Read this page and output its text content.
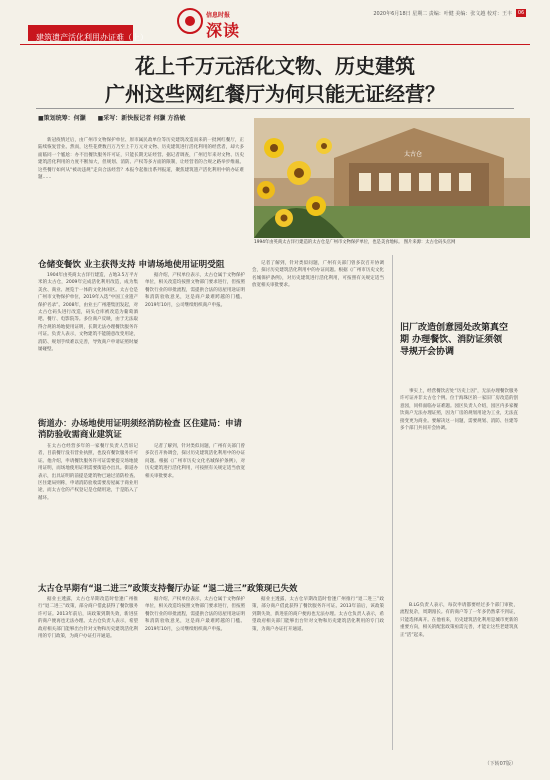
建筑遗产活化利用办证难（上）
信息时报
深读
2020年6月18日 星期二 责编：叶健 美编：张文越 校对：王丰	06
花上千万元活化文物、历史建筑
广州这些网红餐厅为何只能无证经营？
■策划统筹：何灏 ■采写：新快报记者 何灏 方浩敏
新冠疫情过后，由广州市文物保护单位、原市属民政单位等历史建筑改造而来的一批网红餐厅，正陆续恢复营业。然而，这些花费数百万乃至上千万元对文物、历史建筑进行活化利用的经营者，却大多面临同一个尴尬：办不出餐饮服务许可证，只能长期无证经营。据记者调查，广州近年来对文物、历史建筑活化利用的力度不断加大，但规划、消防、产权等多方面的限制，让经营者的合规之路举步维艰。这些餐厅如何从“被动违规”走向合法经营？本报今起推出系列报道，聚焦建筑遗产活化利用中的办证难题……
太古仓
1994年由英商太古洋行建造的太古仓是广州市文物保护单位，也是美食地标。 图片来源：太古仓码头官网
仓储变餐饮 业主获得支持 申请场地使用证明受阻
1904年由英商太古洋行建造，占地3.5万平方米的太古仓，2009年完成活化利用改造，成为集美食、商业、展览于一体的文化休闲区。太古仓是广州市文物保护单位，2019年入选“中国工业遗产保护名录”。2008年，由业主广州港集团发起，对太古仓码头进行改造，码头仓库被改造为葡萄酒吧、餐厅、电影院等。多位商户反映，由于无法取得合规的场地使用证明，长期无法办理餐饮服务许可证。负责人表示，文物建筑不能随意改变用途，消防、规划手续难以完善，导致商户申请证照时屡屡碰壁。
据介绍，产权单位表示，太古仓属于文物保护单位，相关改造均按照文物部门要求进行，但按照餐饮行业的审批流程，需提供合法的房屋用途证明和消防验收意见，这是商户最难跨越的门槛。2019年10月，公司继续组织商户申报。
记者了解到，针对类似问题，广州有关部门曾多次召开协调会，探讨历史建筑活化利用中的办证问题。根据《广州市历史文化名城保护条例》，对历史建筑进行活化利用，可按照有关规定适当放宽相关审批要求。
街道办：办场地使用证明须经消防检查 区住建局：申请消防验收需商业建筑证
在太古仓经营多年的一家餐厅负责人告诉记者，目前餐厅没有营业执照，也没有餐饮服务许可证。他介绍，申请餐饮服务许可证需要提交场地使用证明，而场地使用证明需要街道办出具。街道办表示，出具证明的前提是建筑物已通过消防检查。区住建局则称，申请消防验收需要房屋属于商业用途，而太古仓的产权登记是仓储用途，于是陷入了循环。
记者了解到，针对类似问题，广州有关部门曾多次召开协调会，探讨历史建筑活化利用中的办证问题。根据《广州市历史文化名城保护条例》，对历史建筑进行活化利用，可按照有关规定适当放宽相关审批要求。
太古仓早期有“退二进三”政策支持餐厅办证 “退二进三”政策现已失效
据业主透露，太古仓早期改造时恰逢广州推行“退二进三”政策，部分商户借此获得了餐饮服务许可证。2013年前后，该政策到期失效，新进驻的商户便再也无法办理。太古仓负责人表示，希望政府相关部门能够出台针对文物和历史建筑活化利用的专门政策，为商户办证打开通道。
据介绍，产权单位表示，太古仓属于文物保护单位，相关改造均按照文物部门要求进行，但按照餐饮行业的审批流程，需提供合法的房屋用途证明和消防验收意见，这是商户最难跨越的门槛。2019年10月，公司继续组织商户申报。
据业主透露，太古仓早期改造时恰逢广州推行“退二进三”政策，部分商户借此获得了餐饮服务许可证。2013年前后，该政策到期失效，新进驻的商户便再也无法办理。太古仓负责人表示，希望政府相关部门能够出台针对文物和历史建筑活化利用的专门政策，为商户办证打开通道。
旧厂改造创意园处改第真空期 办理餐饮、消防证须领导规开会协调
事实上，经营餐饮店处“历史上因”，无法办理餐饮服务许可证并非太古仓个例。位于海珠区的一家旧厂房改造的创意园，同样面临办证难题。园区负责人介绍，园区内多家餐饮商户无法办理证照，因为厂房的规划用途为工业，无法直接变更为商业。要解决这一问题，需要规划、消防、住建等多个部门共同开会协调。
B.LG负责人表示，每次申请都要经过多个部门审批，流程复杂，周期漫长。有的商户等了一年多仍然拿不到证，只能选择离开。在他看来，历史建筑活化利用是城市更新的重要方向，相关的配套政策亟需完善，才能让这些老建筑真正“活”起来。
（下转07版）
